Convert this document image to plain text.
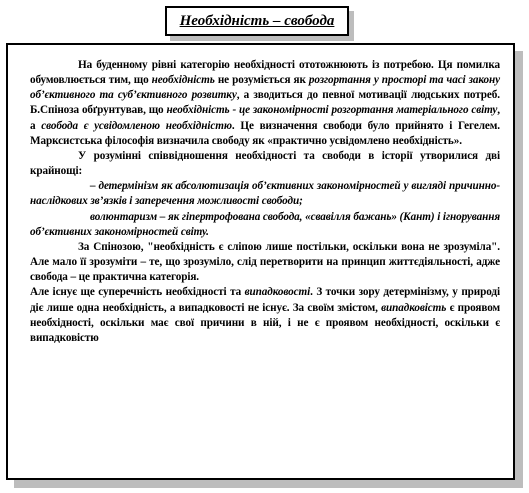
Необхідність – свобода

На буденному рівні категорію необхідності ототожнюють із потребою. Ця помилка обумовлюється тим, що необхідність не розуміється як розгортання у просторі та часі закону об’єктивного та суб’єктивного розвитку, а зводиться до певної мотивації людських потреб. Б.Спіноза обґрунтував, що необхідність - це закономірності розгортання матеріального світу, а свобода є усвідомленою необхідністю. Це визначення свободи було прийнято і Гегелем. Марксистська філософія визначила свободу як «практично усвідомлено необхідність».

У розумінні співвідношення необхідності та свободи в історії утворилися дві крайнощі:

– детермінізм як абсолютизація об’єктивних закономірностей у вигляді причинно-наслідкових зв’язків і заперечення можливості свободи;

волюнтаризм – як гіпертрофована свобода, «свавілля бажань» (Кант) і ігнорування об’єктивних закономірностей світу.

За Спінозою, "необхідність є сліпою лише постільки, оскільки вона не зрозуміла". Але мало її зрозуміти – те, що зрозуміло, слід перетворити на принцип життєдіяльності, адже свобода – це практична категорія.

Але існує ще суперечність необхідності та випадковості. З точки зору детермінізму, у природі діє лише одна необхідність, а випадковості не існує. За своїм змістом, випадковість є проявом необхідності, оскільки має свої причини в ній, і не є проявом необхідності, оскільки є випадковістю
